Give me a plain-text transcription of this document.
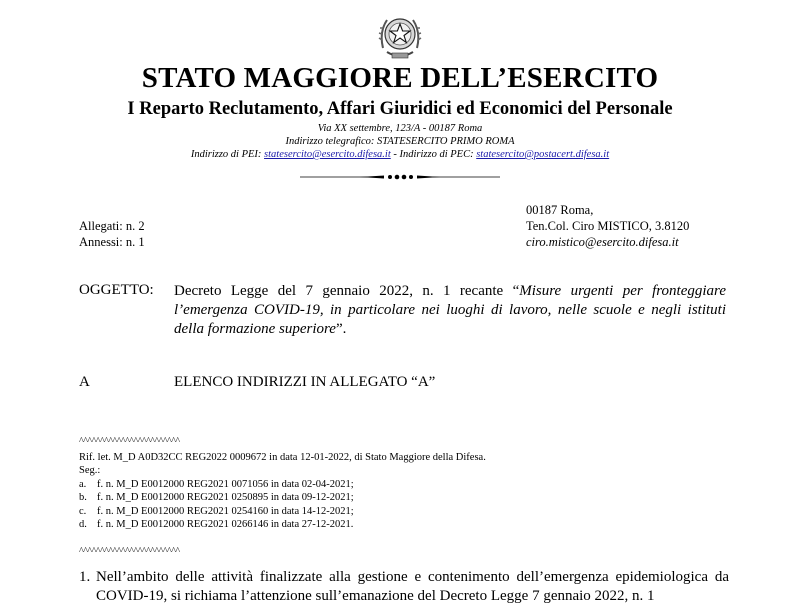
STATO MAGGIORE DELL’ESERCITO
I Reparto Reclutamento, Affari Giuridici ed Economici del Personale
Via XX settembre, 123/A - 00187 Roma
Indirizzo telegrafico: STATESERCITO PRIMO ROMA
Indirizzo di PEI: statesercito@esercito.difesa.it - Indirizzo di PEC: statesercito@postacert.difesa.it
Allegati: n. 2
Annessi: n. 1
00187 Roma,
Ten.Col. Ciro MISTICO, 3.8120
ciro.mistico@esercito.difesa.it
OGGETTO: Decreto Legge del 7 gennaio 2022, n. 1 recante “Misure urgenti per fronteggiare l’emergenza COVID-19, in particolare nei luoghi di lavoro, nelle scuole e negli istituti della formazione superiore”.
A	ELENCO INDIRIZZI IN ALLEGATO “A”
^^^^^^^^^^^^^^^^^^^^^^^^
Rif. let. M_D A0D32CC REG2022 0009672 in data 12-01-2022, di Stato Maggiore della Difesa.
Seg.:
a. f. n. M_D E0012000 REG2021 0071056 in data 02-04-2021;
b. f. n. M_D E0012000 REG2021 0250895 in data 09-12-2021;
c. f. n. M_D E0012000 REG2021 0254160 in data 14-12-2021;
d. f. n. M_D E0012000 REG2021 0266146 in data 27-12-2021.
^^^^^^^^^^^^^^^^^^^^^^^^
1. Nell’ambito delle attività finalizzate alla gestione e contenimento dell’emergenza epidemiologica da COVID-19, si richiama l’attenzione sull’emanazione del Decreto Legge 7 gennaio 2022, n. 1
